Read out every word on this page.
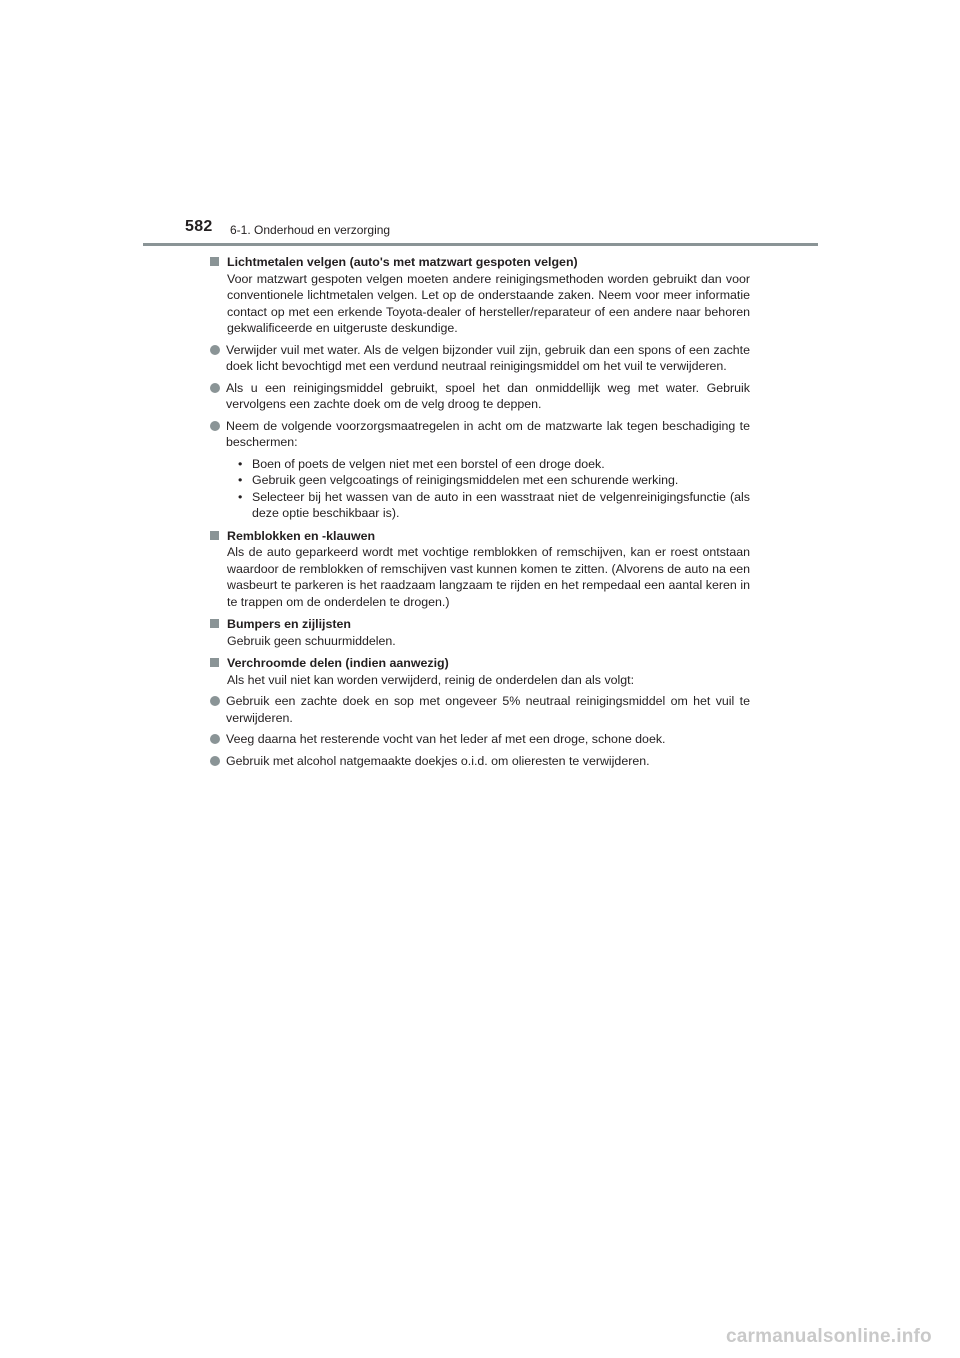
582 6-1. Onderhoud en verzorging
Lichtmetalen velgen (auto's met matzwart gespoten velgen)

Voor matzwart gespoten velgen moeten andere reinigingsmethoden worden gebruikt dan voor conventionele lichtmetalen velgen. Let op de onderstaande zaken. Neem voor meer informatie contact op met een erkende Toyota-dealer of hersteller/reparateur of een andere naar behoren gekwalificeerde en uitgeruste deskundige.

Verwijder vuil met water. Als de velgen bijzonder vuil zijn, gebruik dan een spons of een zachte doek licht bevochtigd met een verdund neutraal reinigingsmiddel om het vuil te verwijderen.
Als u een reinigingsmiddel gebruikt, spoel het dan onmiddellijk weg met water. Gebruik vervolgens een zachte doek om de velg droog te deppen.
Neem de volgende voorzorgsmaatregelen in acht om de matzwarte lak tegen beschadiging te beschermen:
• Boen of poets de velgen niet met een borstel of een droge doek.
• Gebruik geen velgcoatings of reinigingsmiddelen met een schurende werking.
• Selecteer bij het wassen van de auto in een wasstraat niet de velgenreinigingsfunctie (als deze optie beschikbaar is).
Remblokken en -klauwen

Als de auto geparkeerd wordt met vochtige remblokken of remschijven, kan er roest ontstaan waardoor de remblokken of remschijven vast kunnen komen te zitten. (Alvorens de auto na een wasbeurt te parkeren is het raadzaam langzaam te rijden en het rempedaal een aantal keren in te trappen om de onderdelen te drogen.)

Bumpers en zijlijsten

Gebruik geen schuurmiddelen.

Verchroomde delen (indien aanwezig)

Als het vuil niet kan worden verwijderd, reinig de onderdelen dan als volgt:

Gebruik een zachte doek en sop met ongeveer 5% neutraal reinigingsmiddel om het vuil te verwijderen.
Veeg daarna het resterende vocht van het leder af met een droge, schone doek.
Gebruik met alcohol natgemaakte doekjes o.i.d. om olieresten te verwijderen.
carmanualsonline.info
